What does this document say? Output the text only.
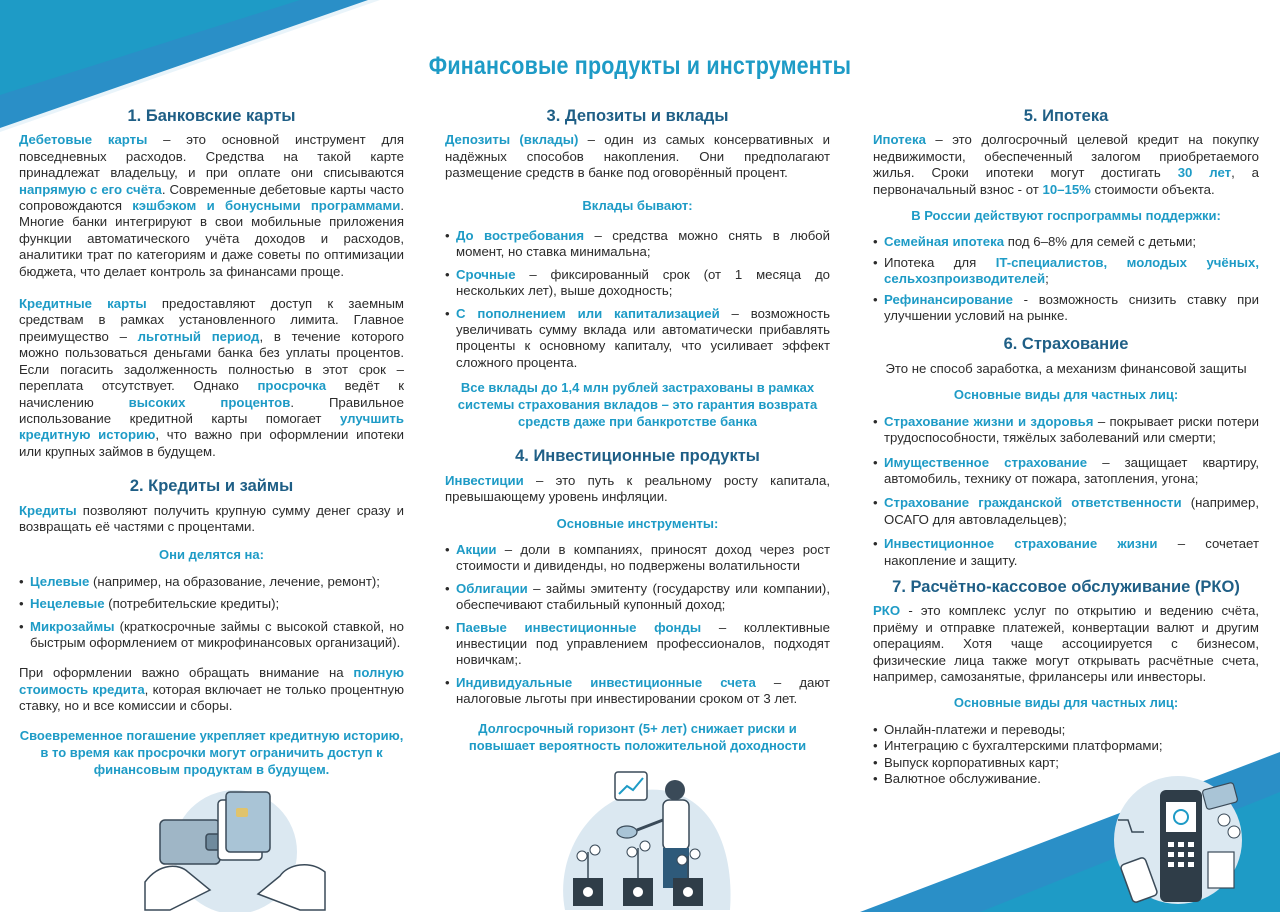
Финансовые продукты и инструменты
1. Банковские карты

Дебетовые карты – это основной инструмент для повседневных расходов. Средства на такой карте принадлежат владельцу, и при оплате они списываются напрямую с его счёта. Современные дебетовые карты часто сопровождаются кэшбэком и бонусными программами. Многие банки интегрируют в свои мобильные приложения функции автоматического учёта доходов и расходов, аналитики трат по категориям и даже советы по оптимизации бюджета, что делает контроль за финансами проще.

Кредитные карты предоставляют доступ к заемным средствам в рамках установленного лимита. Главное преимущество – льготный период, в течение которого можно пользоваться деньгами банка без уплаты процентов. Если погасить задолженность полностью в этот срок – переплата отсутствует. Однако просрочка ведёт к начислению высоких процентов. Правильное использование кредитной карты помогает улучшить кредитную историю, что важно при оформлении ипотеки или крупных займов в будущем.

2. Кредиты и займы

Кредиты позволяют получить крупную сумму денег сразу и возвращать её частями с процентами.

Они делятся на:

• Целевые (например, на образование, лечение, ремонт);
• Нецелевые (потребительские кредиты);
• Микрозаймы (краткосрочные займы с высокой ставкой, но быстрым оформлением от микрофинансовых организаций).

При оформлении важно обращать внимание на полную стоимость кредита, которая включает не только процентную ставку, но и все комиссии и сборы.

Своевременное погашение укрепляет кредитную историю, в то время как просрочки могут ограничить доступ к финансовым продуктам в будущем.

3. Депозиты и вклады

Депозиты (вклады) – один из самых консервативных и надёжных способов накопления. Они предполагают размещение средств в банке под оговорённый процент.

Вклады бывают:

• До востребования – средства можно снять в любой момент, но ставка минимальна;
• Срочные – фиксированный срок (от 1 месяца до нескольких лет), выше доходность;
• С пополнением или капитализацией – возможность увеличивать сумму вклада или автоматически прибавлять проценты к основному капиталу, что усиливает эффект сложного процента.

Все вклады до 1,4 млн рублей застрахованы в рамках системы страхования вкладов – это гарантия возврата средств даже при банкротстве банка

4. Инвестиционные продукты

Инвестиции – это путь к реальному росту капитала, превышающему уровень инфляции.

Основные инструменты:

• Акции – доли в компаниях, приносят доход через рост стоимости и дивиденды, но подвержены волатильности
• Облигации – займы эмитенту (государству или компании), обеспечивают стабильный купонный доход;
• Паевые инвестиционные фонды – коллективные инвестиции под управлением профессионалов, подходят новичкам;.
• Индивидуальные инвестиционные счета – дают налоговые льготы при инвестировании сроком от 3 лет.

Долгосрочный горизонт (5+ лет) снижает риски и повышает вероятность положительной доходности

5. Ипотека

Ипотека – это долгосрочный целевой кредит на покупку недвижимости, обеспеченный залогом приобретаемого жилья. Сроки ипотеки могут достигать 30 лет, а первоначальный взнос - от 10–15% стоимости объекта.

В России действуют госпрограммы поддержки:

• Семейная ипотека под 6–8% для семей с детьми;
• Ипотека для IT-специалистов, молодых учёных, сельхозпроизводителей;
• Рефинансирование - возможность снизить ставку при улучшении условий на рынке.
6. Страхование

Это не способ заработка, а механизм финансовой защиты

Основные виды для частных лиц:

• Страхование жизни и здоровья – покрывает риски потери трудоспособности, тяжёлых заболеваний или смерти;
• Имущественное страхование – защищает квартиру, автомобиль, технику от пожара, затопления, угона;
• Страхование гражданской ответственности (например, ОСАГО для автовладельцев);
• Инвестиционное страхование жизни – сочетает накопление и защиту.
7. Расчётно-кассовое обслуживание (РКО)

РКО - это комплекс услуг по открытию и ведению счёта, приёму и отправке платежей, конвертации валют и другим операциям. Хотя чаще ассоциируется с бизнесом, физические лица также могут открывать расчётные счета, например, самозанятые, фрилансеры или инвесторы.

Основные виды для частных лиц:

• Онлайн-платежи и переводы;
• Интеграцию с бухгалтерскими платформами;
• Выпуск корпоративных карт;
• Валютное обслуживание.
